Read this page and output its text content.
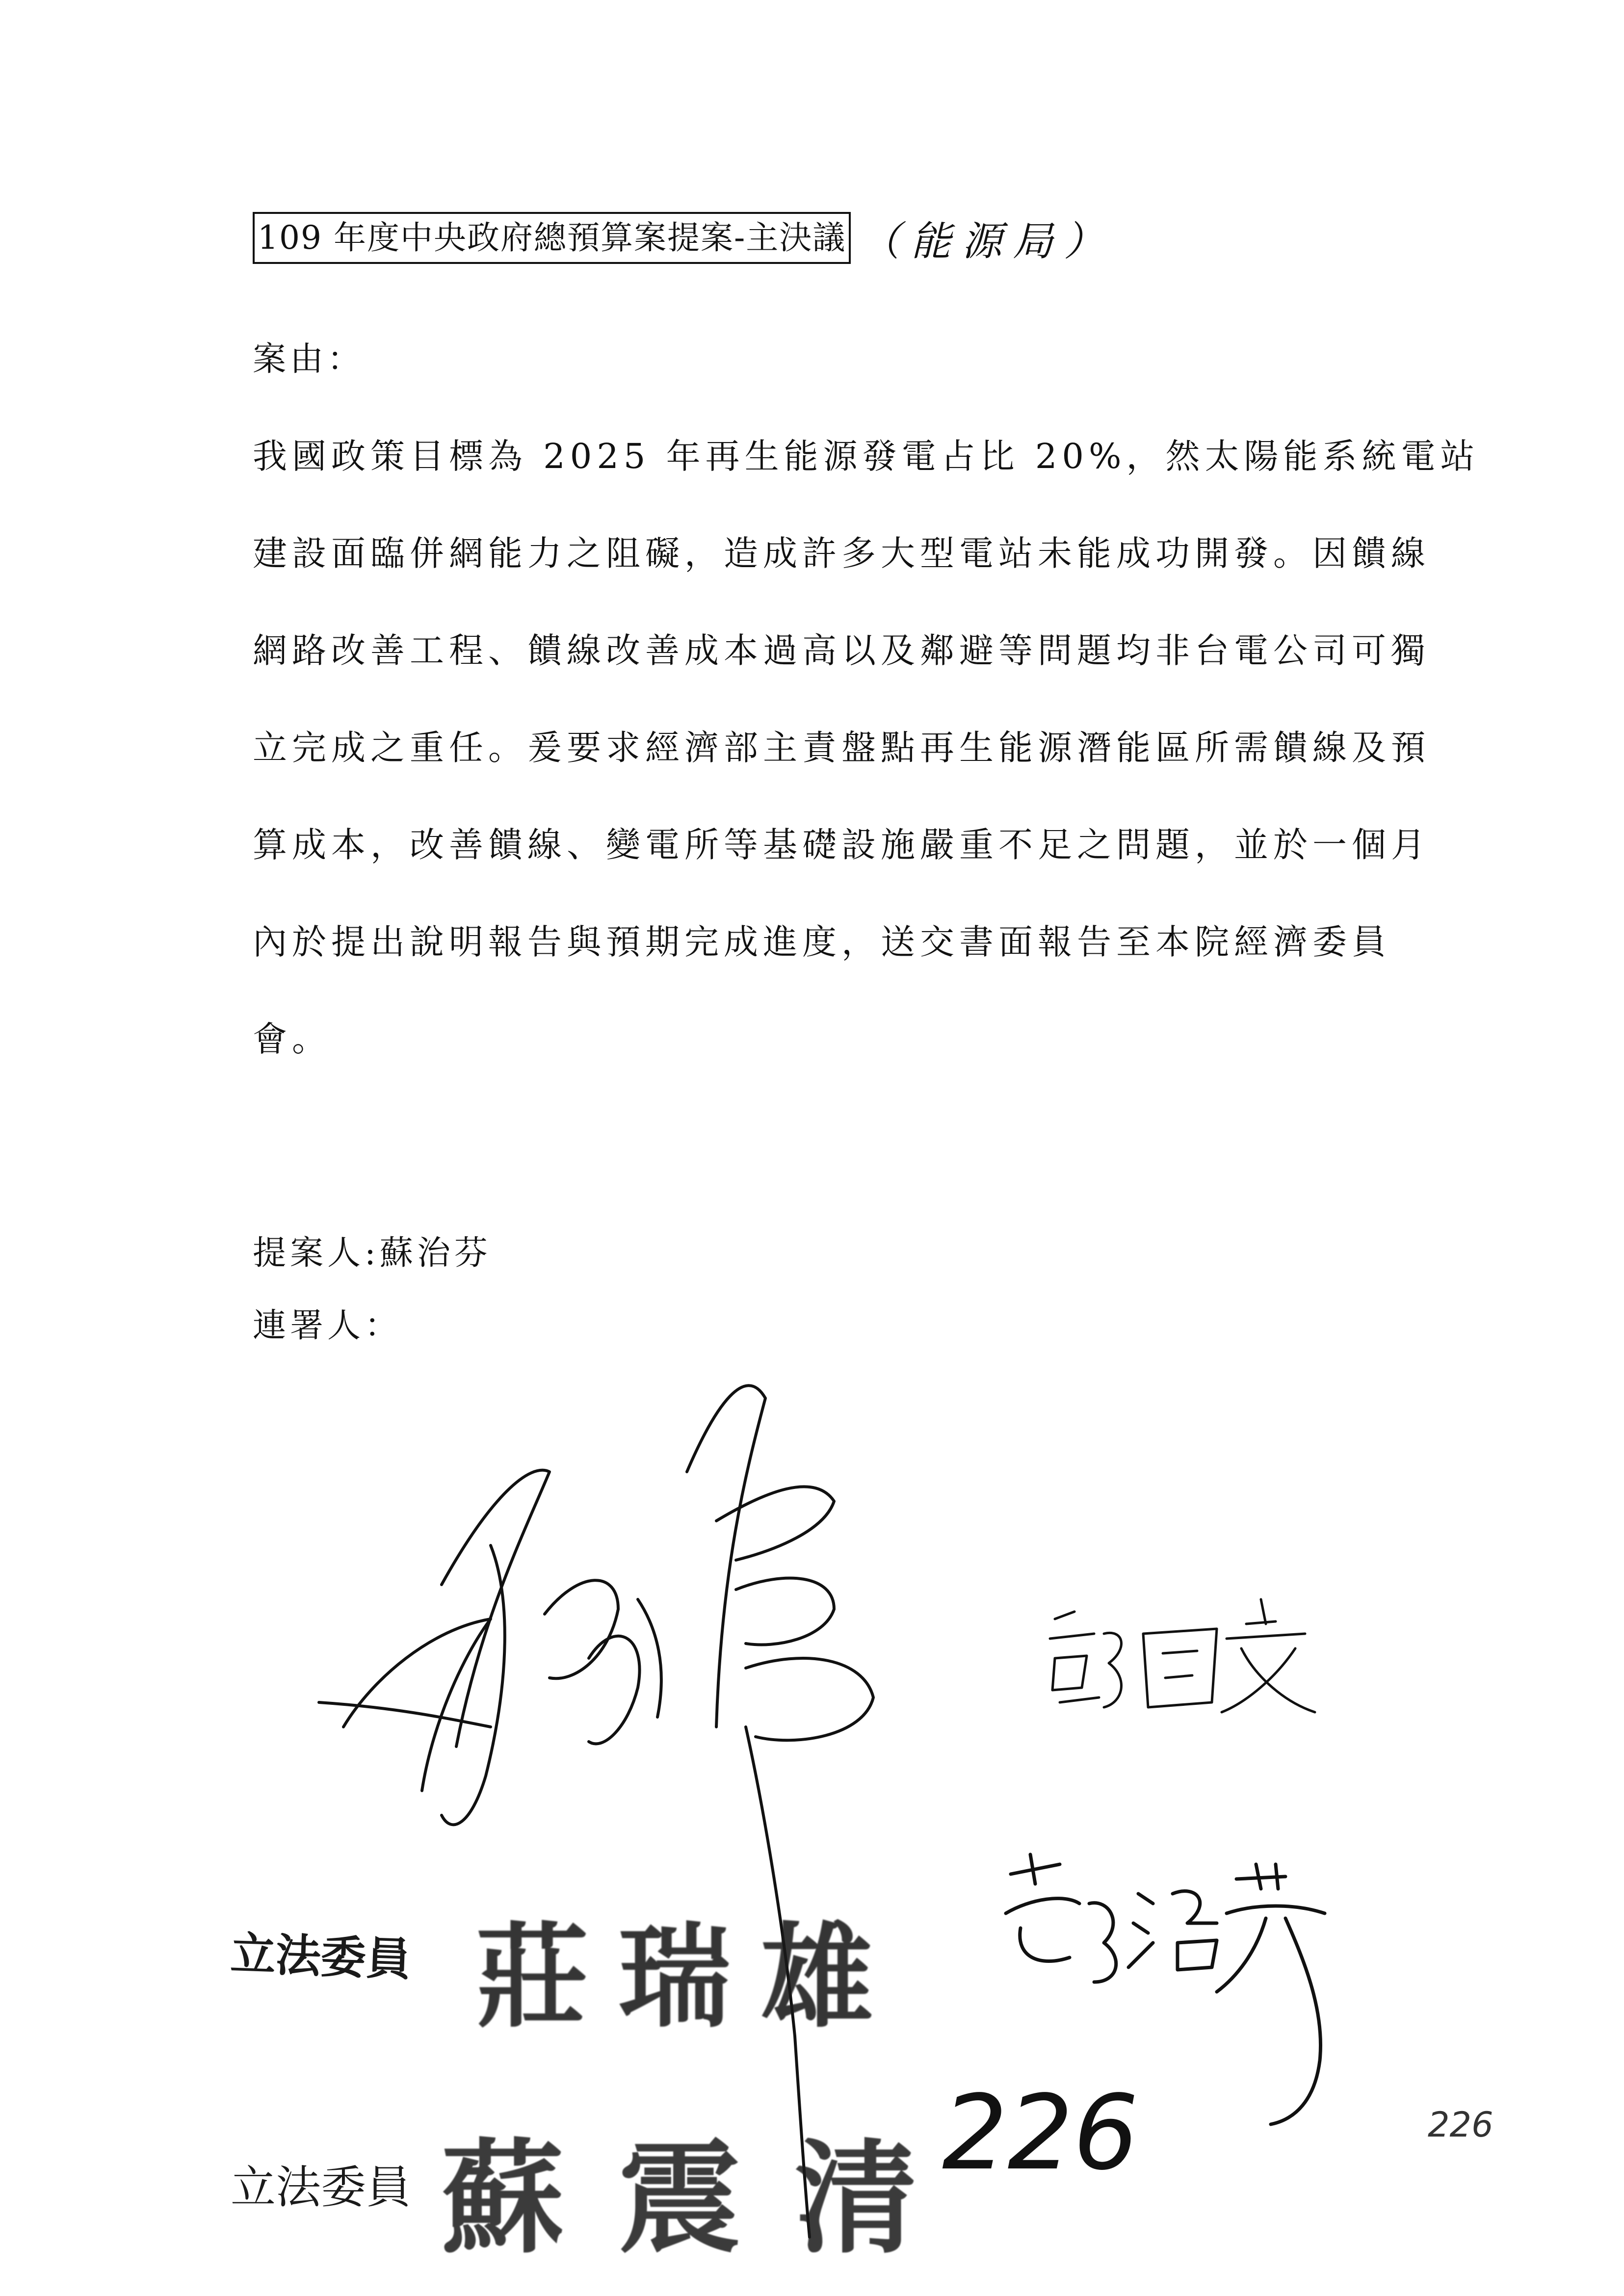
109 年度中央政府總預算案提案-主決議 （能源局）
案由：
我國政策目標為 2025 年再生能源發電占比 20%，然太陽能系統電站
建設面臨併網能力之阻礙，造成許多大型電站未能成功開發。因饋線
網路改善工程、饋線改善成本過高以及鄰避等問題均非台電公司可獨
立完成之重任。爰要求經濟部主責盤點再生能源潛能區所需饋線及預
算成本，改善饋線、變電所等基礎設施嚴重不足之問題，並於一個月
內於提出說明報告與預期完成進度，送交書面報告至本院經濟委員
會。
提案人:蘇治芬
連署人：
立法委員 莊瑞雄
立法委員 蘇震清
226	226
